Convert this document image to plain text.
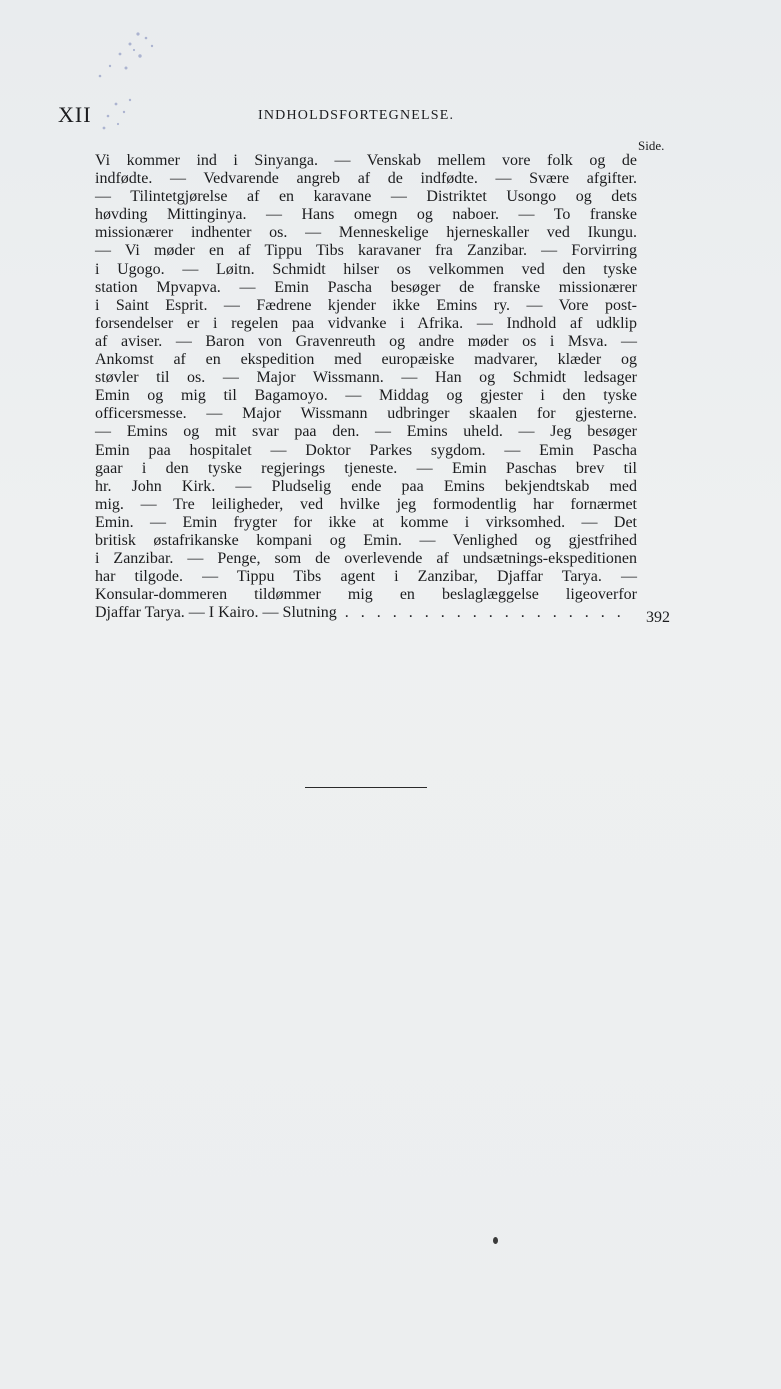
XII	INDHOLDSFORTEGNELSE.
Side.
Vi kommer ind i Sinyanga. — Venskab mellem vore folk og de
indfødte. — Vedvarende angreb af de indfødte. — Svære afgifter.
— Tilintetgjørelse af en karavane — Distriktet Usongo og dets
høvding Mittinginya. — Hans omegn og naboer. — To franske
missionærer indhenter os. — Menneskelige hjerneskaller ved Ikungu.
— Vi møder en af Tippu Tibs karavaner fra Zanzibar. — Forvirring
i Ugogo. — Løitn. Schmidt hilser os velkommen ved den tyske
station Mpvapva. — Emin Pascha besøger de franske missionærer
i Saint Esprit. — Fædrene kjender ikke Emins ry. — Vore post-
forsendelser er i regelen paa vidvanke i Afrika. — Indhold af udklip
af aviser. — Baron von Gravenreuth og andre møder os i Msva. —
Ankomst af en ekspedition med europæiske madvarer, klæder og
støvler til os. — Major Wissmann. — Han og Schmidt ledsager
Emin og mig til Bagamoyo. — Middag og gjester i den tyske
officersmesse. — Major Wissmann udbringer skaalen for gjesterne.
— Emins og mit svar paa den. — Emins uheld. — Jeg besøger
Emin paa hospitalet — Doktor Parkes sygdom. — Emin Pascha
gaar i den tyske regjerings tjeneste. — Emin Paschas brev til
hr. John Kirk. — Pludselig ende paa Emins bekjendtskab med
mig. — Tre leiligheder, ved hvilke jeg formodentlig har fornærmet
Emin. — Emin frygter for ikke at komme i virksomhed. — Det
britisk østafrikanske kompani og Emin. — Venlighed og gjestfrihed
i Zanzibar. — Penge, som de overlevende af undsætnings-ekspeditionen
har tilgode. — Tippu Tibs agent i Zanzibar, Djaffar Tarya. —
Konsular-dommeren tildømmer mig en beslaglæggelse ligeoverfor
Djaffar Tarya. — I Kairo. — Slutning
. . .	392
